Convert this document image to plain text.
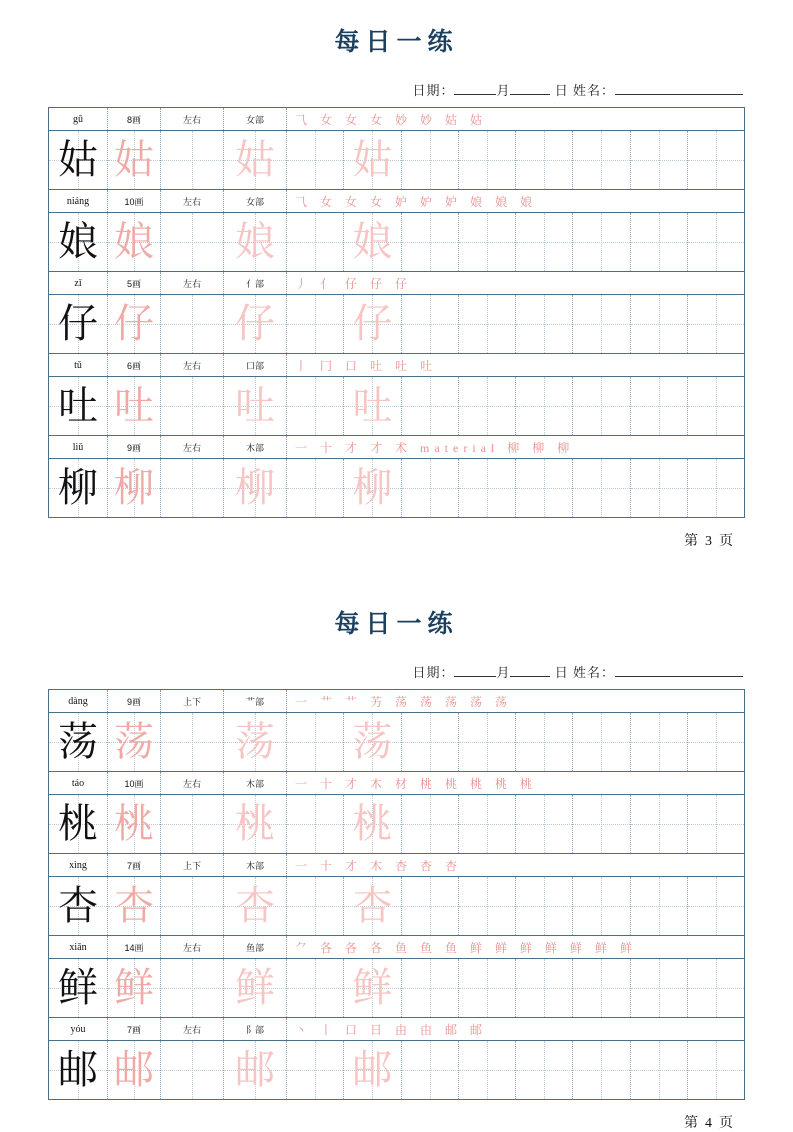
每日一练
日期：	月	日 姓名：
gū	8画	左右	女部	⺄ 女 女 女 妙 妙 姑 姑							

姑	姑		姑		姑						

niáng	10画	左右	女部	⺄ 女 女 女 妒 妒 妒 娘 娘 娘							

娘	娘		娘		娘						

zǐ	5画	左右	亻部	丿 亻 仔 仔 仔							

仔	仔		仔		仔						

tǔ	6画	左右	口部	丨 冂 口 吐 吐 吐							

吐	吐		吐		吐						

liǔ	9画	左右	木部	一 十 才 才 术 material 柳 柳 柳							

柳	柳		柳		柳						

第 3 页
每日一练
日期：	月	日 姓名：
dàng	9画	上下	艹部	一 艹 艹 艻 荡 荡 荡 荡 荡							

荡	荡		荡		荡						

táo	10画	左右	木部	一 十 才 木 材 桃 桃 桃 桃 桃							

桃	桃		桃		桃						

xìng	7画	上下	木部	一 十 才 木 杏 杏 杏							

杏	杏		杏		杏						

xiān	14画	左右	鱼部	⺈ 各 各 各 鱼 鱼 鱼 鲜 鲜 鲜 鲜 鲜 鲜 鲜							

鲜	鲜		鲜		鲜						

yóu	7画	左右	阝部	丶 丨 口 日 由 由 邮 邮							

邮	邮		邮		邮						

第 4 页
